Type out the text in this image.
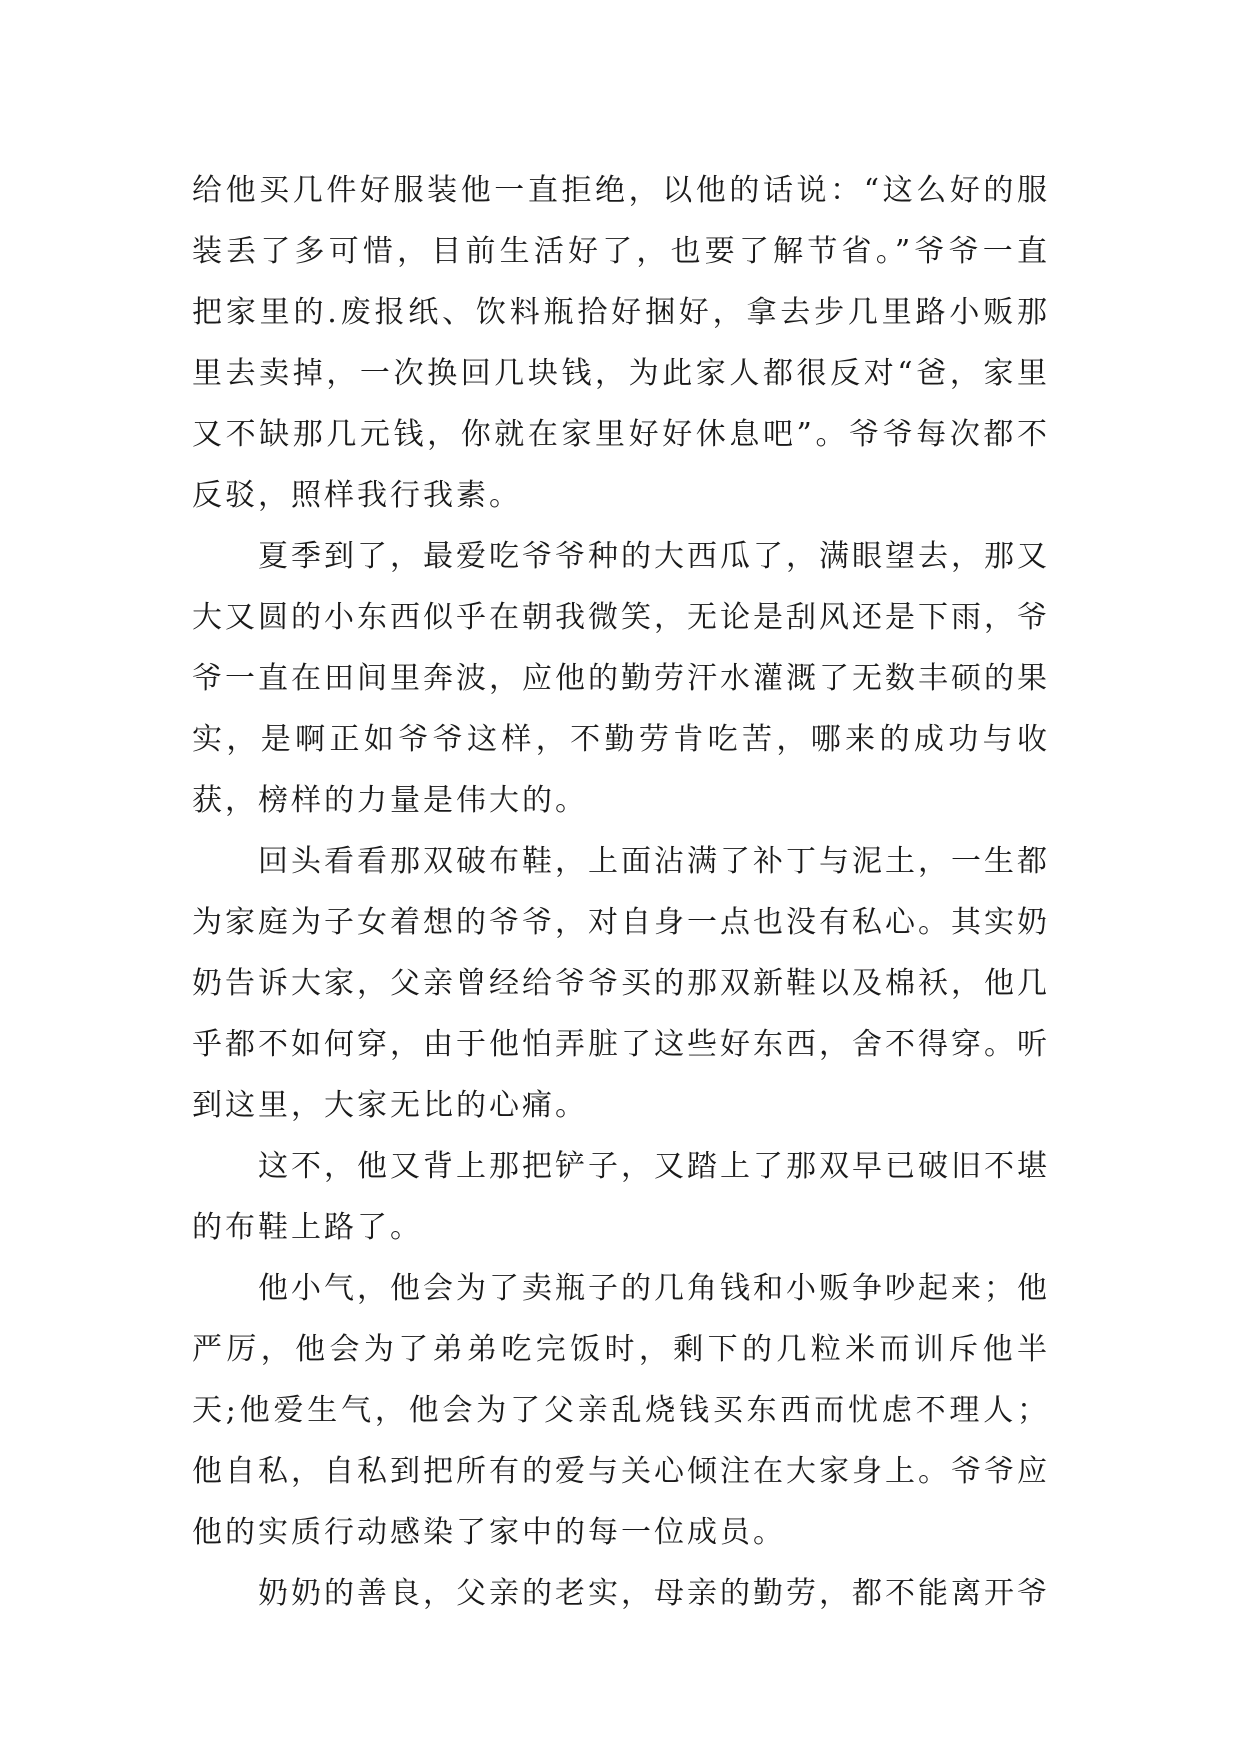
给他买几件好服装他一直拒绝，以他的话说：“这么好的服装丢了多可惜，目前生活好了，也要了解节省。”爷爷一直把家里的.废报纸、饮料瓶拾好捆好，拿去步几里路小贩那里去卖掉，一次换回几块钱，为此家人都很反对“爸，家里又不缺那几元钱，你就在家里好好休息吧”。爷爷每次都不反驳，照样我行我素。

夏季到了，最爱吃爷爷种的大西瓜了，满眼望去，那又大又圆的小东西似乎在朝我微笑，无论是刮风还是下雨，爷爷一直在田间里奔波，应他的勤劳汗水灌溉了无数丰硕的果实，是啊正如爷爷这样，不勤劳肯吃苦，哪来的成功与收获，榜样的力量是伟大的。

回头看看那双破布鞋，上面沾满了补丁与泥土，一生都为家庭为子女着想的爷爷，对自身一点也没有私心。其实奶奶告诉大家，父亲曾经给爷爷买的那双新鞋以及棉袄，他几乎都不如何穿，由于他怕弄脏了这些好东西，舍不得穿。听到这里，大家无比的心痛。

这不，他又背上那把铲子，又踏上了那双早已破旧不堪的布鞋上路了。

他小气，他会为了卖瓶子的几角钱和小贩争吵起来；他严厉，他会为了弟弟吃完饭时，剩下的几粒米而训斥他半天;他爱生气，他会为了父亲乱烧钱买东西而忧虑不理人；他自私，自私到把所有的爱与关心倾注在大家身上。爷爷应他的实质行动感染了家中的每一位成员。

奶奶的善良，父亲的老实，母亲的勤劳，都不能离开爷
